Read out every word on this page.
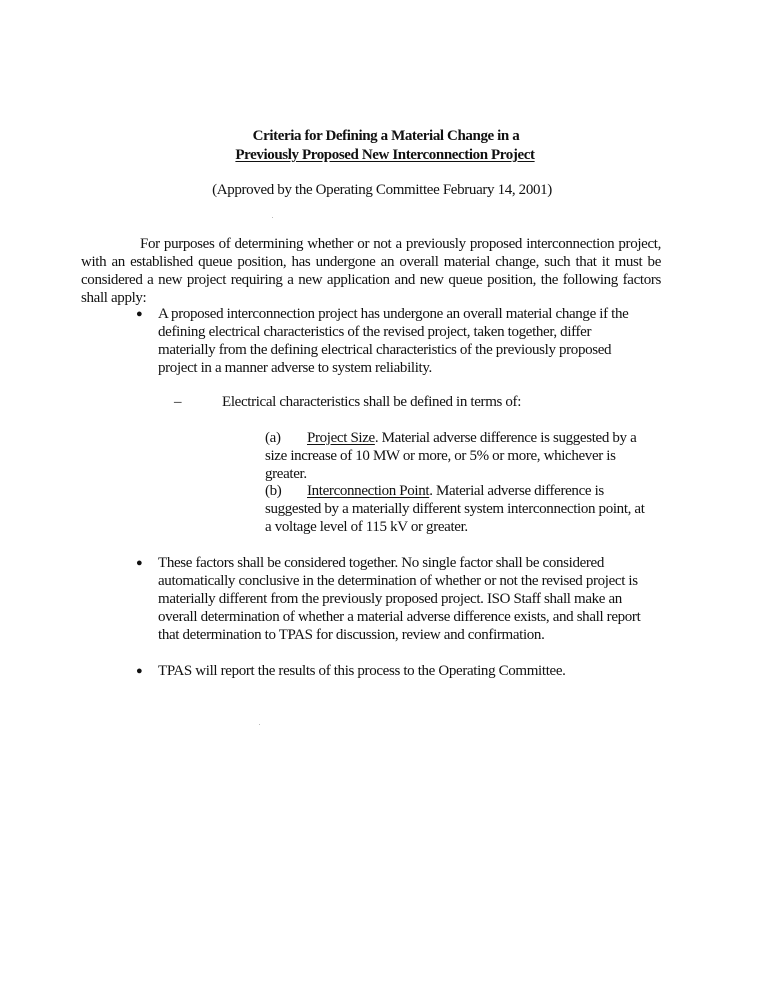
Criteria for Defining a Material Change in a
Previously Proposed New Interconnection Project
(Approved by the Operating Committee February 14, 2001)

For purposes of determining whether or not a previously proposed interconnection project, with an established queue position, has undergone an overall material change, such that it must be considered a new project requiring a new application and new queue position, the following factors shall apply:

● A proposed interconnection project has undergone an overall material change if the defining electrical characteristics of the revised project, taken together, differ materially from the defining electrical characteristics of the previously proposed project in a manner adverse to system reliability.

–	Electrical characteristics shall be defined in terms of:

(a) Project Size. Material adverse difference is suggested by a size increase of 10 MW or more, or 5% or more, whichever is greater.

(b) Interconnection Point. Material adverse difference is suggested by a materially different system interconnection point, at a voltage level of 115 kV or greater.

● These factors shall be considered together. No single factor shall be considered automatically conclusive in the determination of whether or not the revised project is materially different from the previously proposed project. ISO Staff shall make an overall determination of whether a material adverse difference exists, and shall report that determination to TPAS for discussion, review and confirmation.

● TPAS will report the results of this process to the Operating Committee.
